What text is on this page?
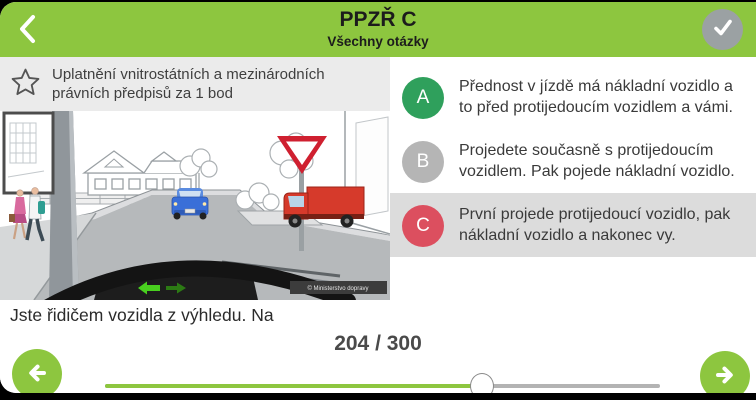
PPZŘ C
Všechny otázky
Uplatnění vnitrostátních a mezinárodních právních předpisů za 1 bod
© Ministerstvo dopravy
Jste řidičem vozidla z výhledu. Na
A
Přednost v jízdě má nákladní vozidlo a to před protijedoucím vozidlem a vámi.
B
Projedete současně s protijedoucím vozidlem. Pak pojede nákladní vozidlo.
C
První projede protijedoucí vozidlo, pak nákladní vozidlo a nakonec vy.
204 / 300
